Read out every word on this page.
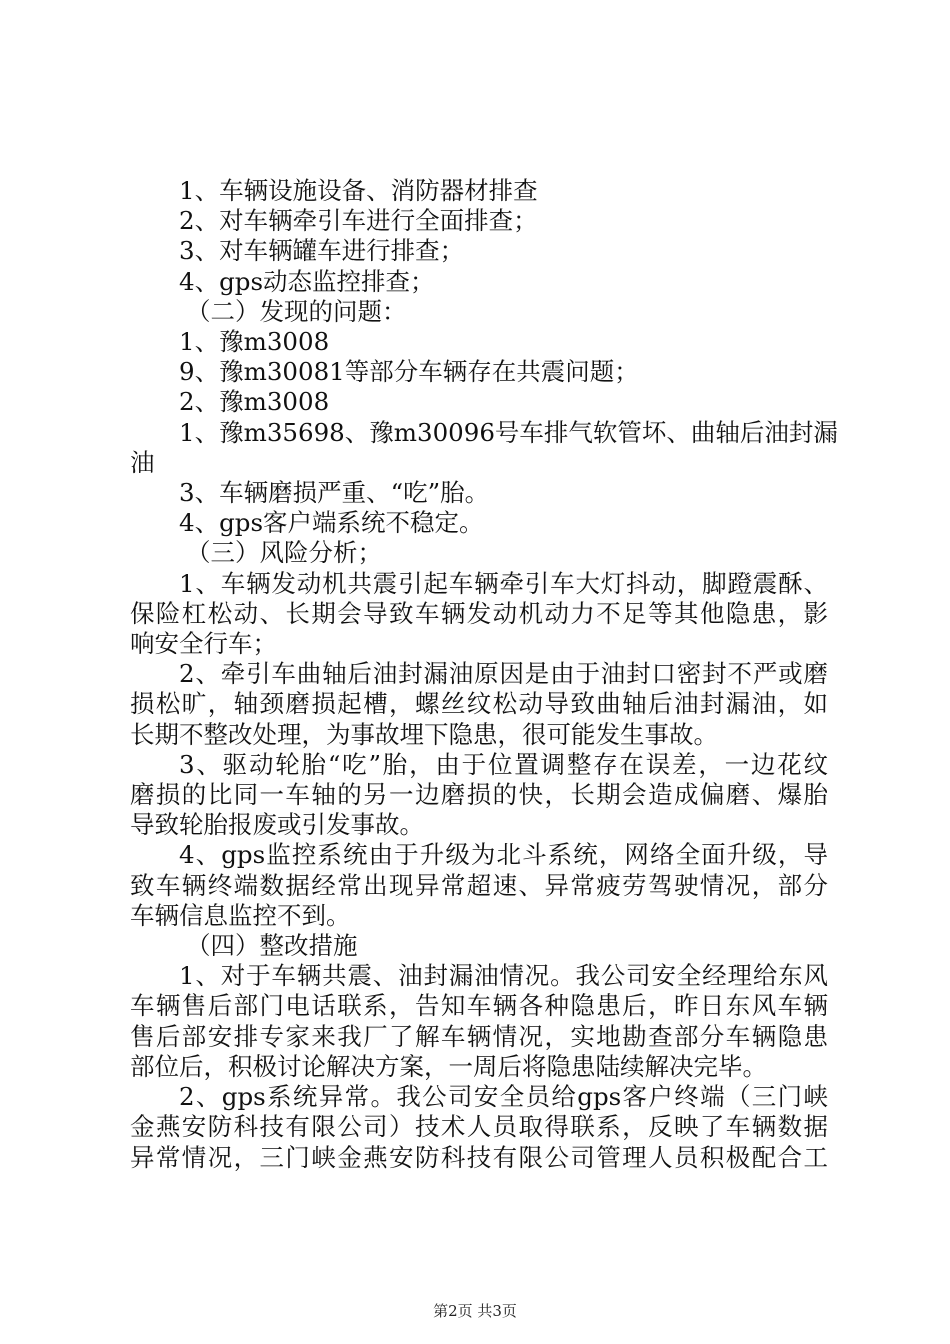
1、车辆设施设备、消防器材排查
2、对车辆牵引车进行全面排查；
3、对车辆罐车进行排查；
4、gps动态监控排查；
（二）发现的问题：
1、豫m3008
9、豫m30081等部分车辆存在共震问题；
2、豫m3008
1、豫m35698、豫m30096号车排气软管坏、曲轴后油封漏
油
3、车辆磨损严重、“吃”胎。
4、gps客户端系统不稳定。
（三）风险分析；
1、车辆发动机共震引起车辆牵引车大灯抖动，脚蹬震酥、
保险杠松动、长期会导致车辆发动机动力不足等其他隐患，影
响安全行车；
2、牵引车曲轴后油封漏油原因是由于油封口密封不严或磨
损松旷，轴颈磨损起槽，螺丝纹松动导致曲轴后油封漏油，如
长期不整改处理，为事故埋下隐患，很可能发生事故。
3、驱动轮胎“吃”胎，由于位置调整存在误差，一边花纹
磨损的比同一车轴的另一边磨损的快，长期会造成偏磨、爆胎
导致轮胎报废或引发事故。
4、gps监控系统由于升级为北斗系统，网络全面升级，导
致车辆终端数据经常出现异常超速、异常疲劳驾驶情况，部分
车辆信息监控不到。
（四）整改措施
1、对于车辆共震、油封漏油情况。我公司安全经理给东风
车辆售后部门电话联系，告知车辆各种隐患后，昨日东风车辆
售后部安排专家来我厂了解车辆情况，实地勘查部分车辆隐患
部位后，积极讨论解决方案，一周后将隐患陆续解决完毕。
2、gps系统异常。我公司安全员给gps客户终端（三门峡
金燕安防科技有限公司）技术人员取得联系，反映了车辆数据
异常情况，三门峡金燕安防科技有限公司管理人员积极配合工
第2页 共3页
